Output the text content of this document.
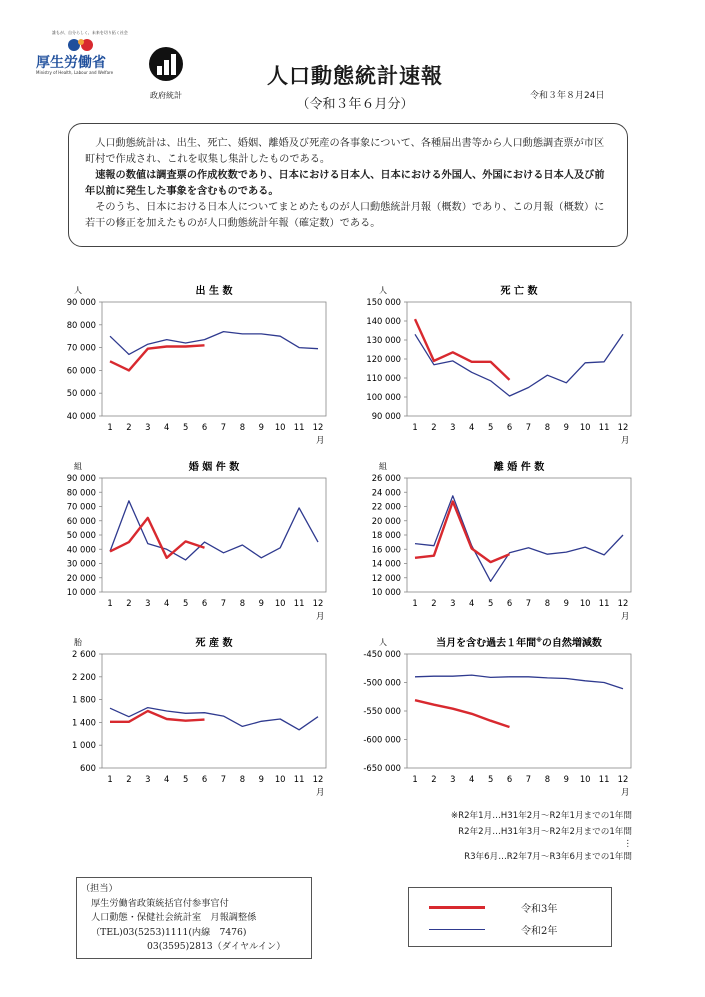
誰もが、自分らしく、未来を切り拓く社会
厚生労働省
Ministry of Health, Labour and Welfare
政府統計
人口動態統計速報
（令和３年６月分）
令和３年８月24日

人口動態統計は、出生、死亡、婚姻、離婚及び死産の各事象について、各種届出書等から人口動態調査票が市区町村で作成され、これを収集し集計したものである。

速報の数値は調査票の作成枚数であり、日本における日本人、日本における外国人、外国における日本人及び前年以前に発生した事象を含むものである。

そのうち、日本における日本人についてまとめたものが人口動態統計月報（概数）であり、この月報（概数）に若干の修正を加えたものが人口動態統計年報（確定数）である。

人	出 生 数
90 000
80 000
70 000
60 000
50 000
40 000
1 2 3 4 5 6 7 8 9 10 11 12
月
人	死 亡 数
150 000
140 000
130 000
120 000
110 000
100 000
90 000
1 2 3 4 5 6 7 8 9 10 11 12
月
組	婚 姻 件 数
90 000
80 000
70 000
60 000
50 000
40 000
30 000
20 000
10 000
1 2 3 4 5 6 7 8 9 10 11 12
月
組	離 婚 件 数
26 000
24 000
22 000
20 000
18 000
16 000
14 000
12 000
10 000
1 2 3 4 5 6 7 8 9 10 11 12
月
胎	死 産 数
2 600
2 200
1 800
1 400
1 000
600
1 2 3 4 5 6 7 8 9 10 11 12
月
人	当月を含む過去１年間※の自然増減数
-450 000
-500 000
-550 000
-600 000
-650 000
1 2 3 4 5 6 7 8 9 10 11 12
月
※R2年1月…H31年2月～R2年1月までの1年間
R2年2月…H31年3月～R2年2月までの1年間
⋮
R3年6月…R2年7月～R3年6月までの1年間
（担当）
厚生労働省政策統括官付参事官付
人口動態・保健社会統計室　月報調整係
（TEL)03(5253)1111(内線　7476)
03(3595)2813（ダイヤルイン）
令和3年
令和2年
